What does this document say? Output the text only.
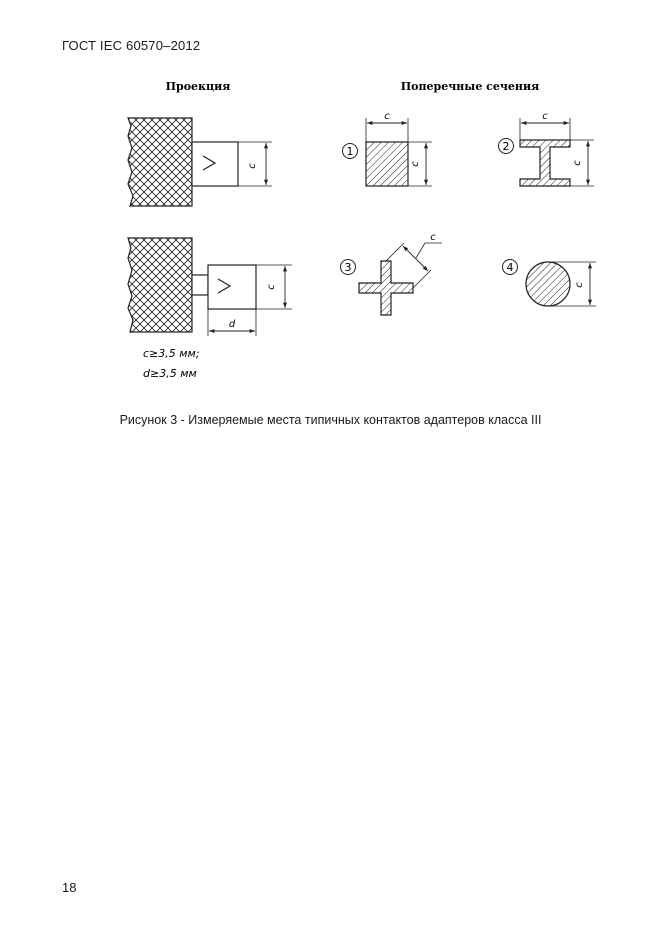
ГОСТ IEC 60570–2012
Проекция	Поперечные сечения
c
c
d
1
c
c
2
c
c
3
c
4
c
c≥3,5 мм;
d≥3,5 мм
Рисунок 3 - Измеряемые места типичных контактов адаптеров класса III
18
